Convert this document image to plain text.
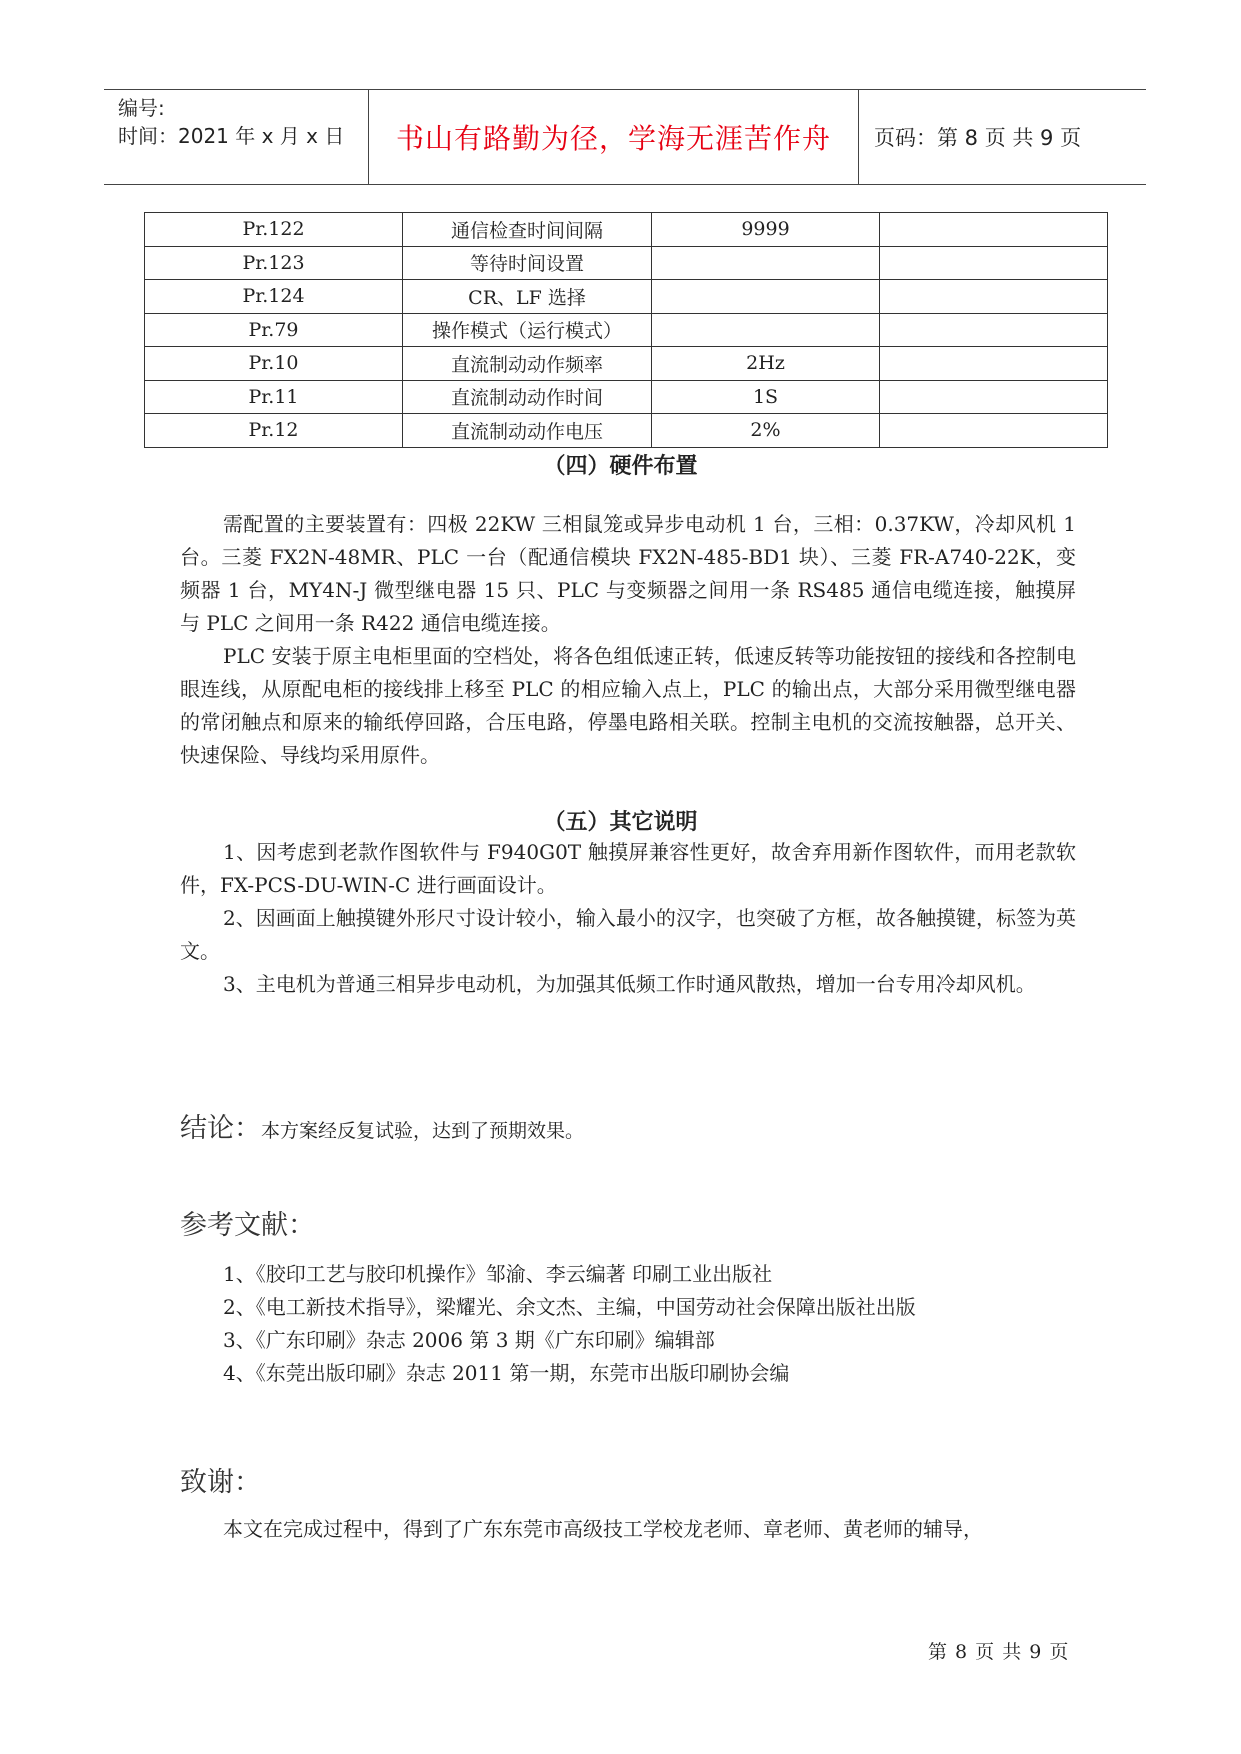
编号:
时间：2021 年 x 月 x 日	书山有路勤为径，学海无涯苦作舟	页码：第 8 页 共 9 页
Pr.122	通信检查时间间隔	9999	
Pr.123	等待时间设置		
Pr.124	CR、LF 选择		
Pr.79	操作模式（运行模式）		
Pr.10	直流制动动作频率	2Hz	
Pr.11	直流制动动作时间	1S	
Pr.12	直流制动动作电压	2%	
（四）硬件布置

需配置的主要装置有：四极 22KW 三相鼠笼或异步电动机 1 台，三相：0.37KW，冷却风机 1 台。三菱 FX2N-48MR、PLC 一台（配通信模块 FX2N-485-BD1 块）、三菱 FR-A740-22K，变频器 1 台，MY4N-J 微型继电器 15 只、PLC 与变频器之间用一条 RS485 通信电缆连接，触摸屏与 PLC 之间用一条 R422 通信电缆连接。

PLC 安装于原主电柜里面的空档处，将各色组低速正转，低速反转等功能按钮的接线和各控制电眼连线，从原配电柜的接线排上移至 PLC 的相应输入点上，PLC 的输出点，大部分采用微型继电器的常闭触点和原来的输纸停回路，合压电路，停墨电路相关联。控制主电机的交流按触器，总开关、快速保险、导线均采用原件。

（五）其它说明

1、因考虑到老款作图软件与 F940G0T 触摸屏兼容性更好，故舍弃用新作图软件，而用老款软件，FX-PCS-DU-WIN-C 进行画面设计。

2、因画面上触摸键外形尺寸设计较小，输入最小的汉字，也突破了方框，故各触摸键，标签为英文。

3、主电机为普通三相异步电动机，为加强其低频工作时通风散热，增加一台专用冷却风机。

结论：本方案经反复试验，达到了预期效果。
参考文献：
1、《胶印工艺与胶印机操作》邹渝、李云编著 印刷工业出版社
2、《电工新技术指导》，梁耀光、余文杰、主编，中国劳动社会保障出版社出版
3、《广东印刷》杂志 2006 第 3 期《广东印刷》编辑部
4、《东莞出版印刷》杂志 2011 第一期，东莞市出版印刷协会编
致谢：

本文在完成过程中，得到了广东东莞市高级技工学校龙老师、章老师、黄老师的辅导，

第 8 页 共 9 页
